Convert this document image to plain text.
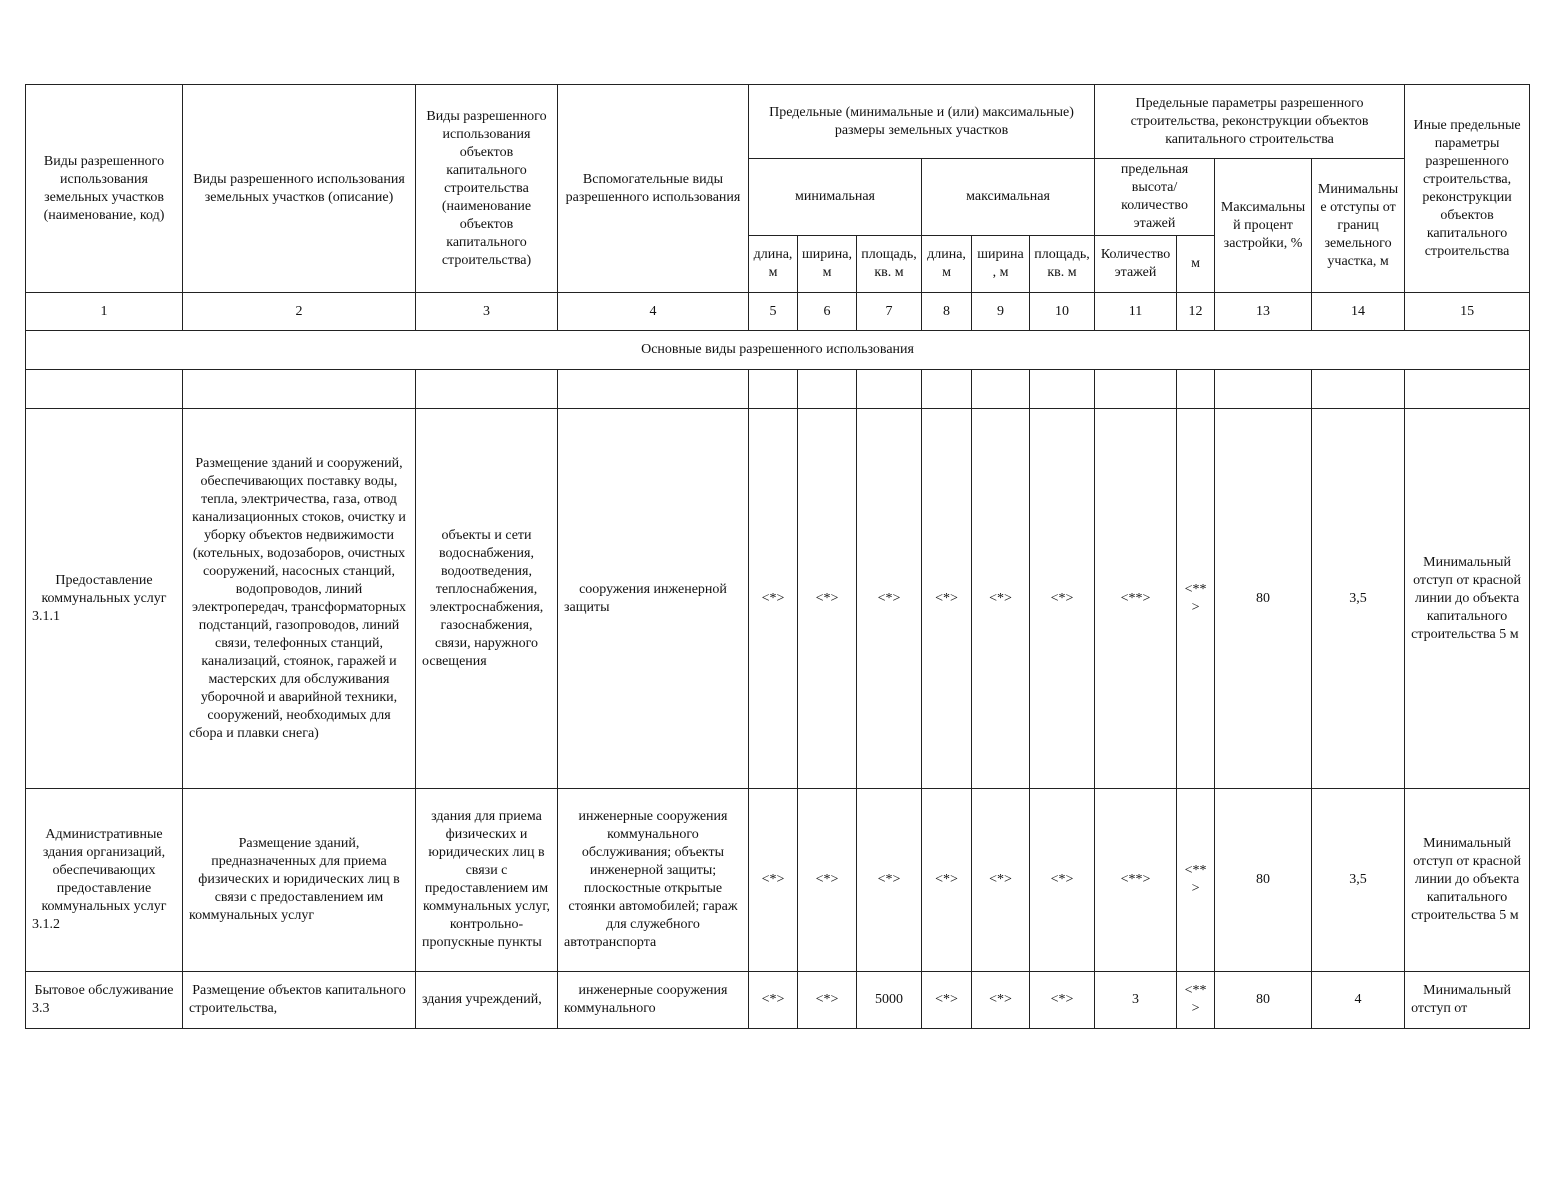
Виды разрешенного использования земельных участков (наименование, код)	Виды разрешенного использования земельных участков (описание)	Виды разрешенного использования объектов капитального строительства (наименование объектов капитального строительства)	Вспомогательные виды разрешенного использования	Предельные (минимальные и (или) максимальные) размеры земельных участков						Предельные параметры разрешенного строительства, реконструкции объектов капитального строительства				Иные предельные параметры разрешенного строительства, реконструкции объектов капитального строительства
				минимальная			максимальная			предельная высота/количество этажей		Максимальный процент застройки, %	Минимальные отступы от границ земельного участка, м	
				длина, м	ширина, м	площадь, кв. м	длина, м	ширина, м	площадь, кв. м	Количество этажей	м			
1	2	3	4	5	6	7	8	9	10	11	12	13	14	15
Основные виды разрешенного использования														

Предоставление коммунальных услуг 3.1.1	Размещение зданий и сооружений, обеспечивающих поставку воды, тепла, электричества, газа, отвод канализационных стоков, очистку и уборку объектов недвижимости (котельных, водозаборов, очистных сооружений, насосных станций, водопроводов, линий электропередач, трансформаторных подстанций, газопроводов, линий связи, телефонных станций, канализаций, стоянок, гаражей и мастерских для обслуживания уборочной и аварийной техники, сооружений, необходимых для сбора и плавки снега)	объекты и сети водоснабжения, водоотведения, теплоснабжения, электроснабжения, газоснабжения, связи, наружного освещения	сооружения инженерной защиты	<*>	<*>	<*>	<*>	<*>	<*>	<**>	<**>	80	3,5	Минимальный отступ от красной линии до объекта капитального строительства 5 м
Административные здания организаций, обеспечивающих предоставление коммунальных услуг 3.1.2	Размещение зданий, предназначенных для приема физических и юридических лиц в связи с предоставлением им коммунальных услуг	здания для приема физических и юридических лиц в связи с предоставлением им коммунальных услуг, контрольно-пропускные пункты	инженерные сооружения коммунального обслуживания; объекты инженерной защиты; плоскостные открытые стоянки автомобилей; гараж для служебного автотранспорта	<*>	<*>	<*>	<*>	<*>	<*>	<**>	<**>	80	3,5	Минимальный отступ от красной линии до объекта капитального строительства 5 м
Бытовое обслуживание 3.3	Размещение объектов капитального строительства,	здания учреждений,	инженерные сооружения коммунального	<*>	<*>	5000	<*>	<*>	<*>	3	<**>	80	4	Минимальный отступ от
